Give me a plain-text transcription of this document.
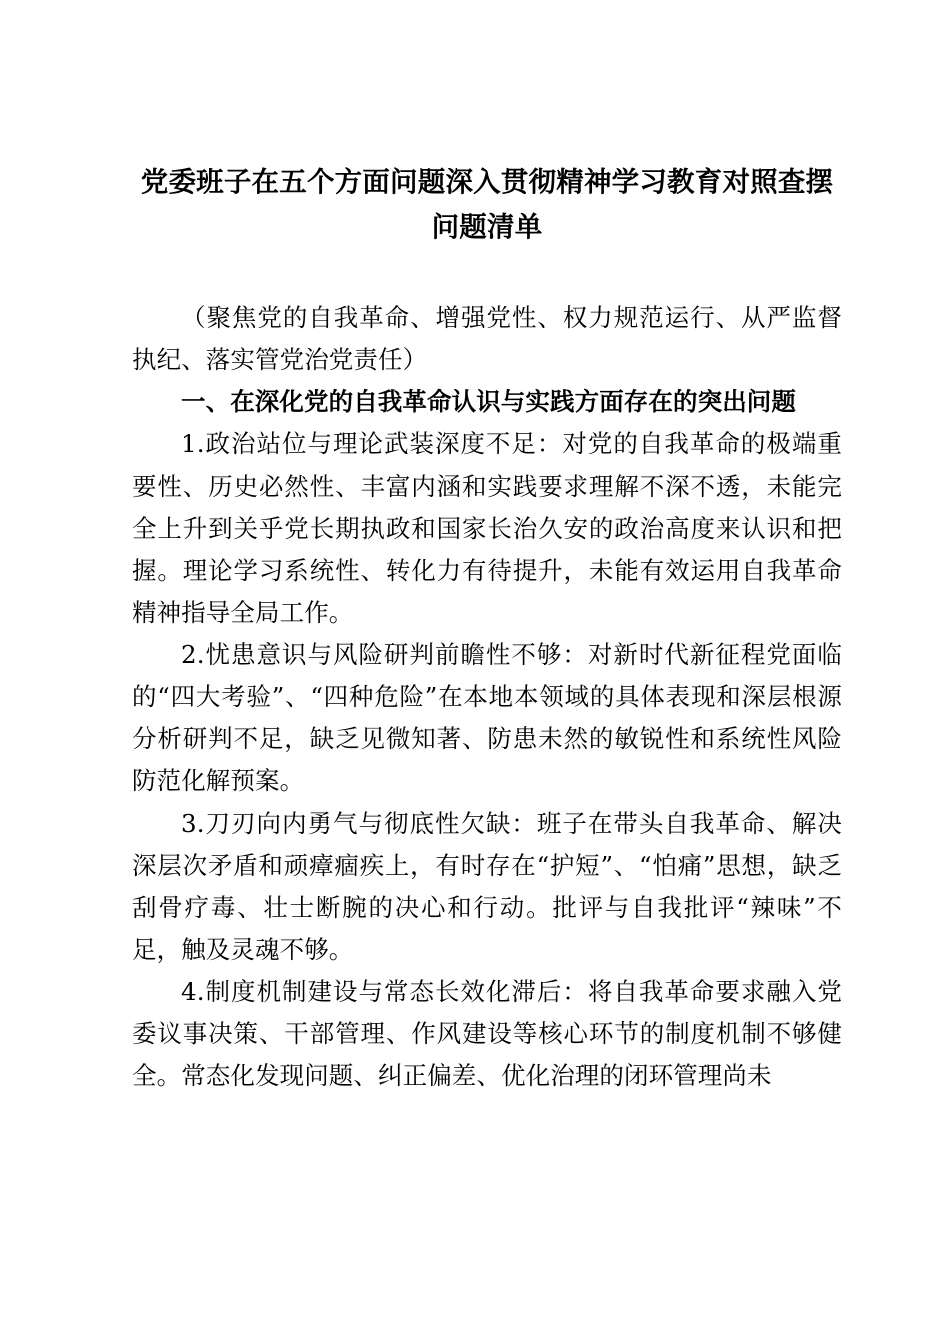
党委班子在五个方面问题深入贯彻精神学习教育对照查摆问题清单

（聚焦党的自我革命、增强党性、权力规范运行、从严监督执纪、落实管党治党责任）

一、在深化党的自我革命认识与实践方面存在的突出问题

1.政治站位与理论武装深度不足：对党的自我革命的极端重要性、历史必然性、丰富内涵和实践要求理解不深不透，未能完全上升到关乎党长期执政和国家长治久安的政治高度来认识和把握。理论学习系统性、转化力有待提升，未能有效运用自我革命精神指导全局工作。

2.忧患意识与风险研判前瞻性不够：对新时代新征程党面临的“四大考验”、“四种危险”在本地本领域的具体表现和深层根源分析研判不足，缺乏见微知著、防患未然的敏锐性和系统性风险防范化解预案。

3.刀刃向内勇气与彻底性欠缺：班子在带头自我革命、解决深层次矛盾和顽瘴痼疾上，有时存在“护短”、“怕痛”思想，缺乏刮骨疗毒、壮士断腕的决心和行动。批评与自我批评“辣味”不足，触及灵魂不够。

4.制度机制建设与常态长效化滞后：将自我革命要求融入党委议事决策、干部管理、作风建设等核心环节的制度机制不够健全。常态化发现问题、纠正偏差、优化治理的闭环管理尚未
